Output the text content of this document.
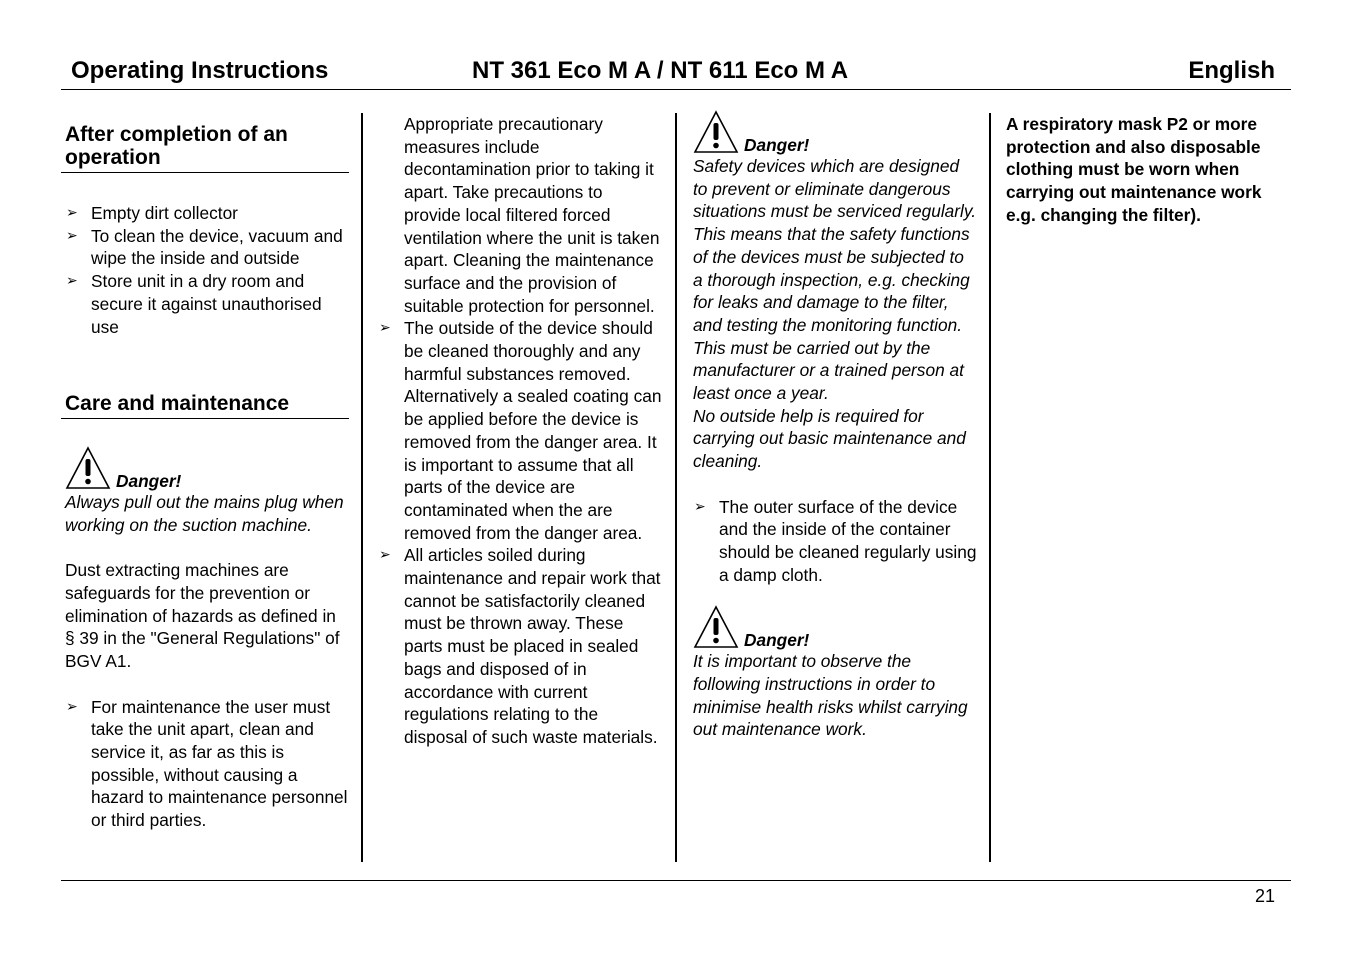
Operating Instructions	NT 361 Eco M A / NT 611 Eco M A	English
After completion of an operation
➢ Empty dirt collector
➢ To clean the device, vacuum and wipe the inside and outside
➢ Store unit in a dry room and secure it against unauthorised use
Care and maintenance
Danger!

Always pull out the mains plug when working on the suction machine.

Dust extracting machines are safeguards for the prevention or elimination of hazards as defined in § 39 in the "General Regulations" of BGV A1.

➢ For maintenance the user must take the unit apart, clean and service it, as far as this is possible, without causing a hazard to maintenance personnel or third parties.

Appropriate precautionary measures include decontamination prior to taking it apart. Take precautions to provide local filtered forced ventilation where the unit is taken apart. Cleaning the maintenance surface and the provision of suitable protection for personnel.

➢ The outside of the device should be cleaned thoroughly and any harmful substances removed. Alternatively a sealed coating can be applied before the device is removed from the danger area. It is important to assume that all parts of the device are contaminated when the are removed from the danger area.
➢ All articles soiled during maintenance and repair work that cannot be satisfactorily cleaned must be thrown away. These parts must be placed in sealed bags and disposed of in accordance with current regulations relating to the disposal of such waste materials.
Danger!

Safety devices which are designed to prevent or eliminate dangerous situations must be serviced regularly. This means that the safety functions of the devices must be subjected to a thorough inspection, e.g. checking for leaks and damage to the filter, and testing the monitoring function. This must be carried out by the manufacturer or a trained person at least once a year.

No outside help is required for carrying out basic maintenance and cleaning.

➢ The outer surface of the device and the inside of the container should be cleaned regularly using a damp cloth.
Danger!

It is important to observe the following instructions in order to minimise health risks whilst carrying out maintenance work.

A respiratory mask P2 or more protection and also disposable clothing must be worn when carrying out maintenance work e.g. changing the filter).

21
